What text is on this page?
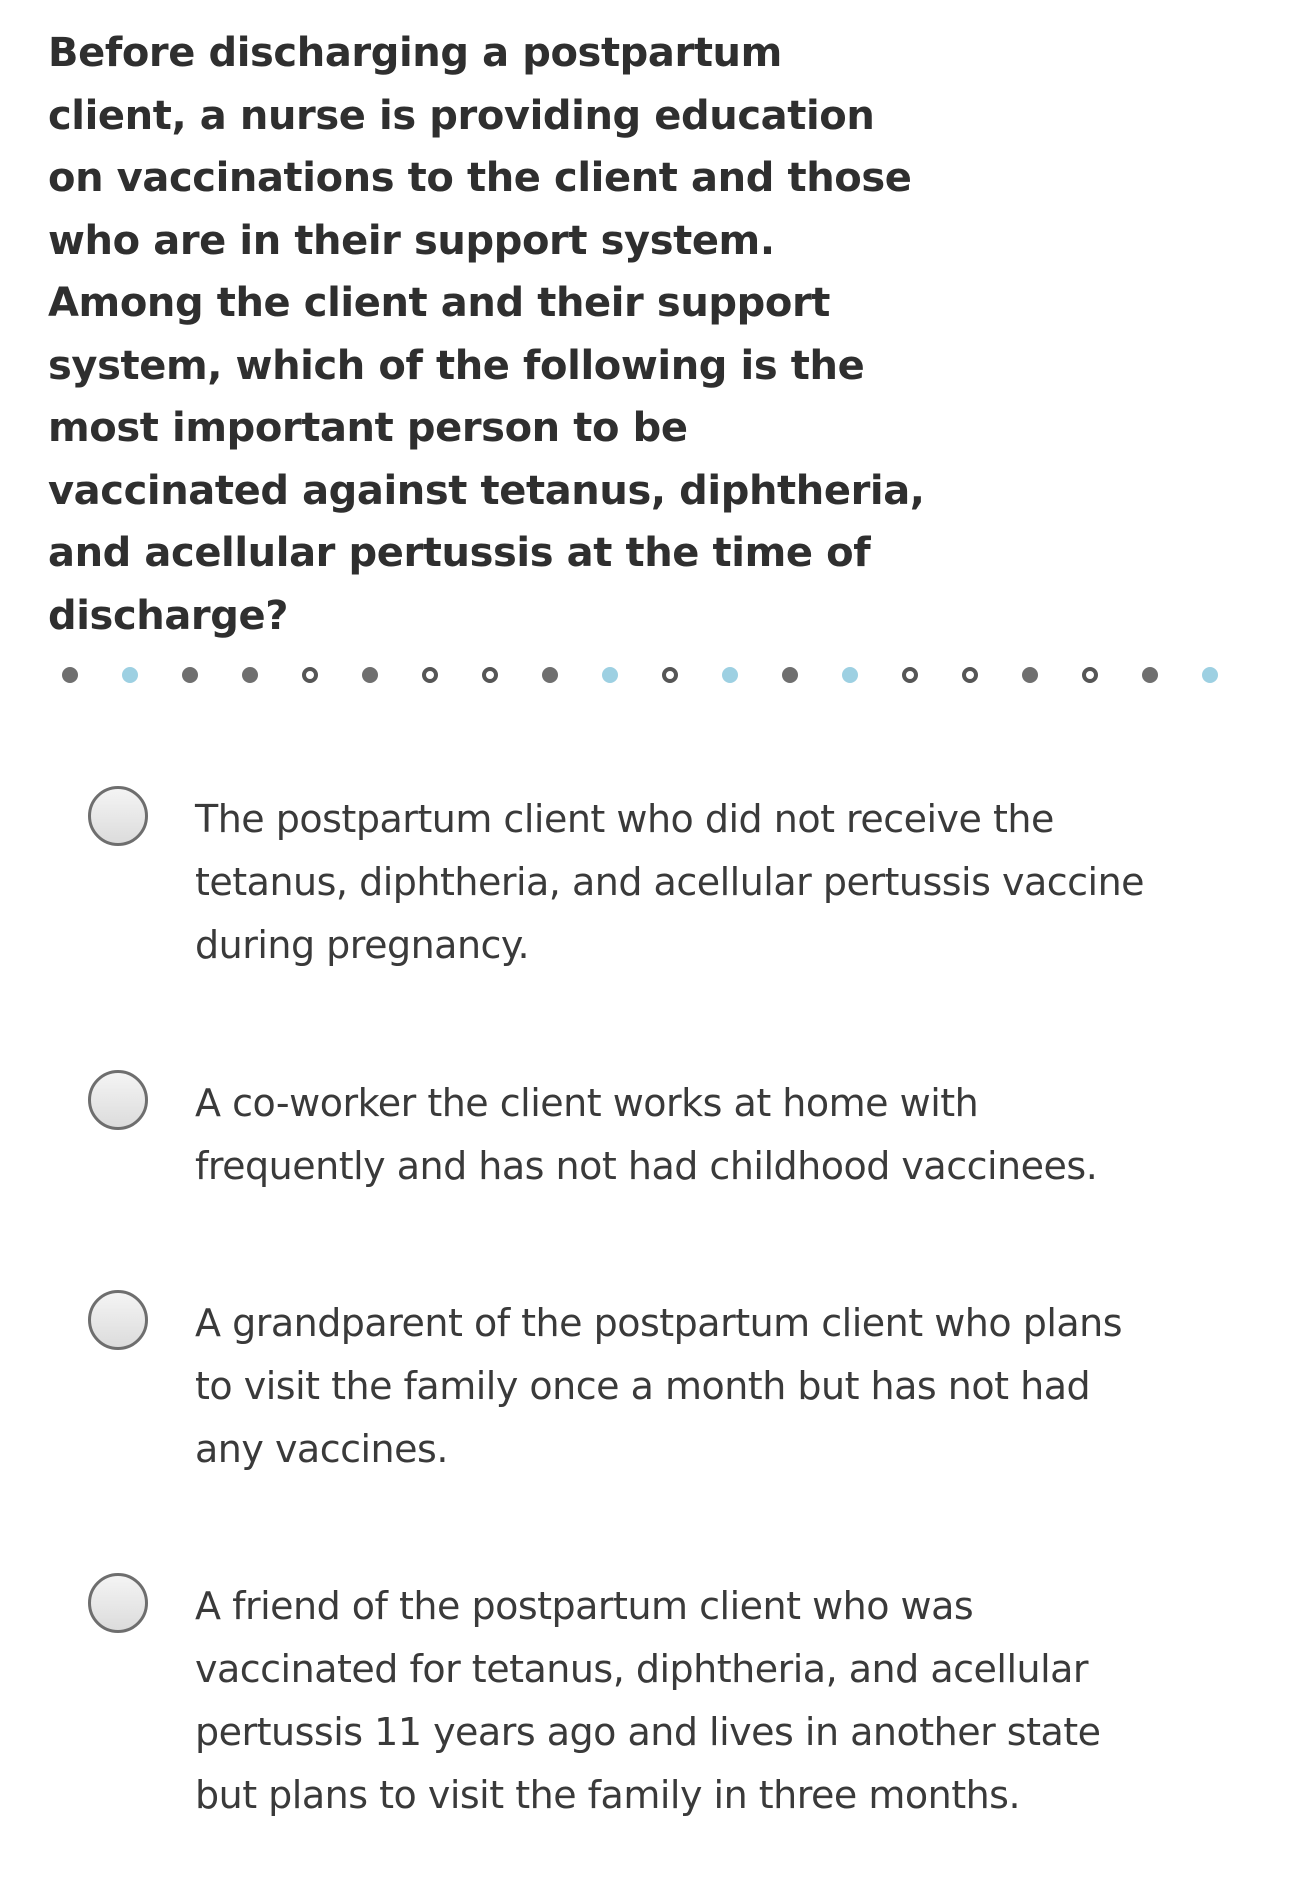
Before discharging a postpartum client, a nurse is providing education on vaccinations to the client and those who are in their support system. Among the client and their support system, which of the following is the most important person to be vaccinated against tetanus, diphtheria, and acellular pertussis at the time of discharge?

The postpartum client who did not receive the tetanus, diphtheria, and acellular pertussis vaccine during pregnancy.

A co-worker the client works at home with frequently and has not had childhood vaccinees.

A grandparent of the postpartum client who plans to visit the family once a month but has not had any vaccines.

A friend of the postpartum client who was vaccinated for tetanus, diphtheria, and acellular pertussis 11 years ago and lives in another state but plans to visit the family in three months.
